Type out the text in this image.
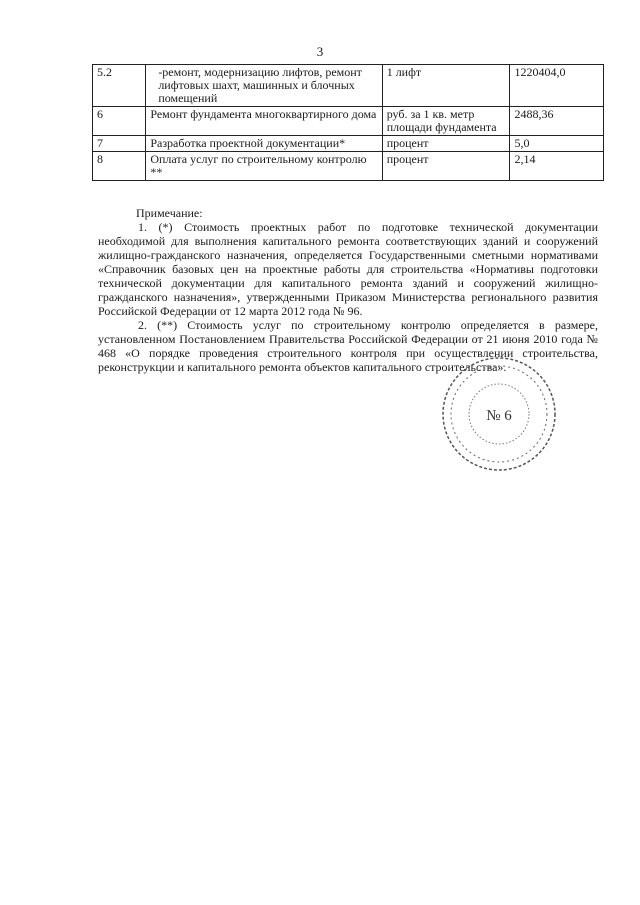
3
5.2	-ремонт, модернизацию лифтов, ремонт лифтовых шахт, машинных и блочных помещений	1 лифт	1220404,0
6	Ремонт фундамента многоквартирного дома	руб. за 1 кв. метр площади фундамента	2488,36
7	Разработка проектной документации*	процент	5,0
8	Оплата услуг по строительному контролю **	процент	2,14

Примечание:

1. (*) Стоимость проектных работ по подготовке технической документации необходимой для выполнения капитального ремонта соответствующих зданий и сооружений жилищно-гражданского назначения, определяется Государственными сметными нормативами «Справочник базовых цен на проектные работы для строительства «Нормативы подготовки технической документации для капитального ремонта зданий и сооружений жилищно-гражданского назначения», утвержденными Приказом Министерства регионального развития Российской Федерации от 12 марта 2012 года № 96.

2. (**) Стоимость услуг по строительному контролю определяется в размере, установленном Постановлением Правительства Российской Федерации от 21 июня 2010 года № 468 «О порядке проведения строительного контроля при осуществлении строительства, реконструкции и капитального ремонта объектов капитального строительства».

№ 6
